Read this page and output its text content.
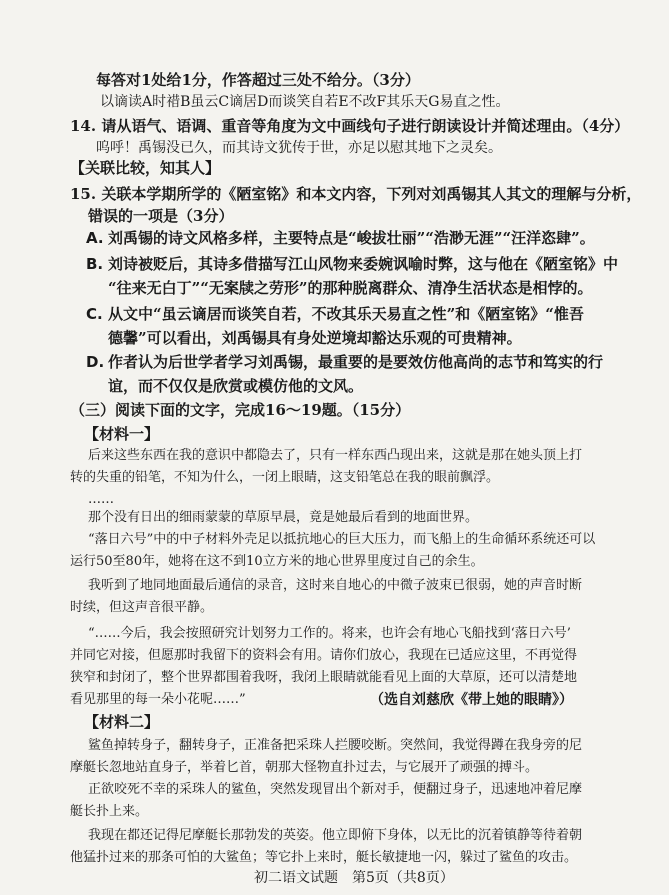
每答对1处给1分，作答超过三处不给分。（3分）
以谪读A时䄍B虽云C谪居D而谈笑自若E不改F其乐天G易直之性。
14. 请从语气、语调、重音等角度为文中画线句子进行朗读设计并简述理由。（4分）
呜呼！禹锡没已久，而其诗文犹传于世，亦足以慰其地下之灵矣。
【关联比较，知其人】
15. 关联本学期所学的《陋室铭》和本文内容，下列对刘禹锡其人其文的理解与分析，
错误的一项是（3分）
A. 刘禹锡的诗文风格多样，主要特点是“峻拔壮丽”“浩渺无涯”“汪洋恣肆”。
B. 刘诗被贬后，其诗多借描写江山风物来委婉讽喻时弊，这与他在《陋室铭》中
“往来无白丁”“无案牍之劳形”的那种脱离群众、清净生活状态是相悖的。
C. 从文中“虽云谪居而谈笑自若，不改其乐天易直之性”和《陋室铭》“惟吾
德馨”可以看出，刘禹锡具有身处逆境却豁达乐观的可贵精神。
D. 作者认为后世学者学习刘禹锡，最重要的是要效仿他高尚的志节和笃实的行
谊，而不仅仅是欣赏或模仿他的文风。
（三）阅读下面的文字，完成16～19题。（15分）
【材料一】
后来这些东西在我的意识中都隐去了，只有一样东西凸现出来，这就是那在她头顶上打
转的失重的铅笔，不知为什么，一闭上眼睛，这支铅笔总在我的眼前飘浮。
……
那个没有日出的细雨蒙蒙的草原早晨，竟是她最后看到的地面世界。
“落日六号”中的中子材料外壳足以抵抗地心的巨大压力，而飞船上的生命循环系统还可以
运行50至80年，她将在这不到10立方米的地心世界里度过自己的余生。
我听到了地同地面最后通信的录音，这时来自地心的中微子波束已很弱，她的声音时断
时续，但这声音很平静。
“……今后，我会按照研究计划努力工作的。将来，也许会有地心飞船找到‘落日六号’
并同它对接，但愿那时我留下的资料会有用。请你们放心，我现在已适应这里，不再觉得
狭窄和封闭了，整个世界都围着我呀，我闭上眼睛就能看见上面的大草原，还可以清楚地
看见那里的每一朵小花呢……”	（选自刘慈欣《带上她的眼睛》）
【材料二】
鲨鱼掉转身子，翻转身子，正准备把采珠人拦腰咬断。突然间，我觉得蹲在我身旁的尼
摩艇长忽地站直身子，举着匕首，朝那大怪物直扑过去，与它展开了顽强的搏斗。
正欲咬死不幸的采珠人的鲨鱼，突然发现冒出个新对手，便翻过身子，迅速地冲着尼摩
艇长扑上来。
我现在都还记得尼摩艇长那勃发的英姿。他立即俯下身体，以无比的沉着镇静等待着朝
他猛扑过来的那条可怕的大鲨鱼；等它扑上来时，艇长敏捷地一闪，躲过了鲨鱼的攻击。
初二语文试题　第5页（共8页）
